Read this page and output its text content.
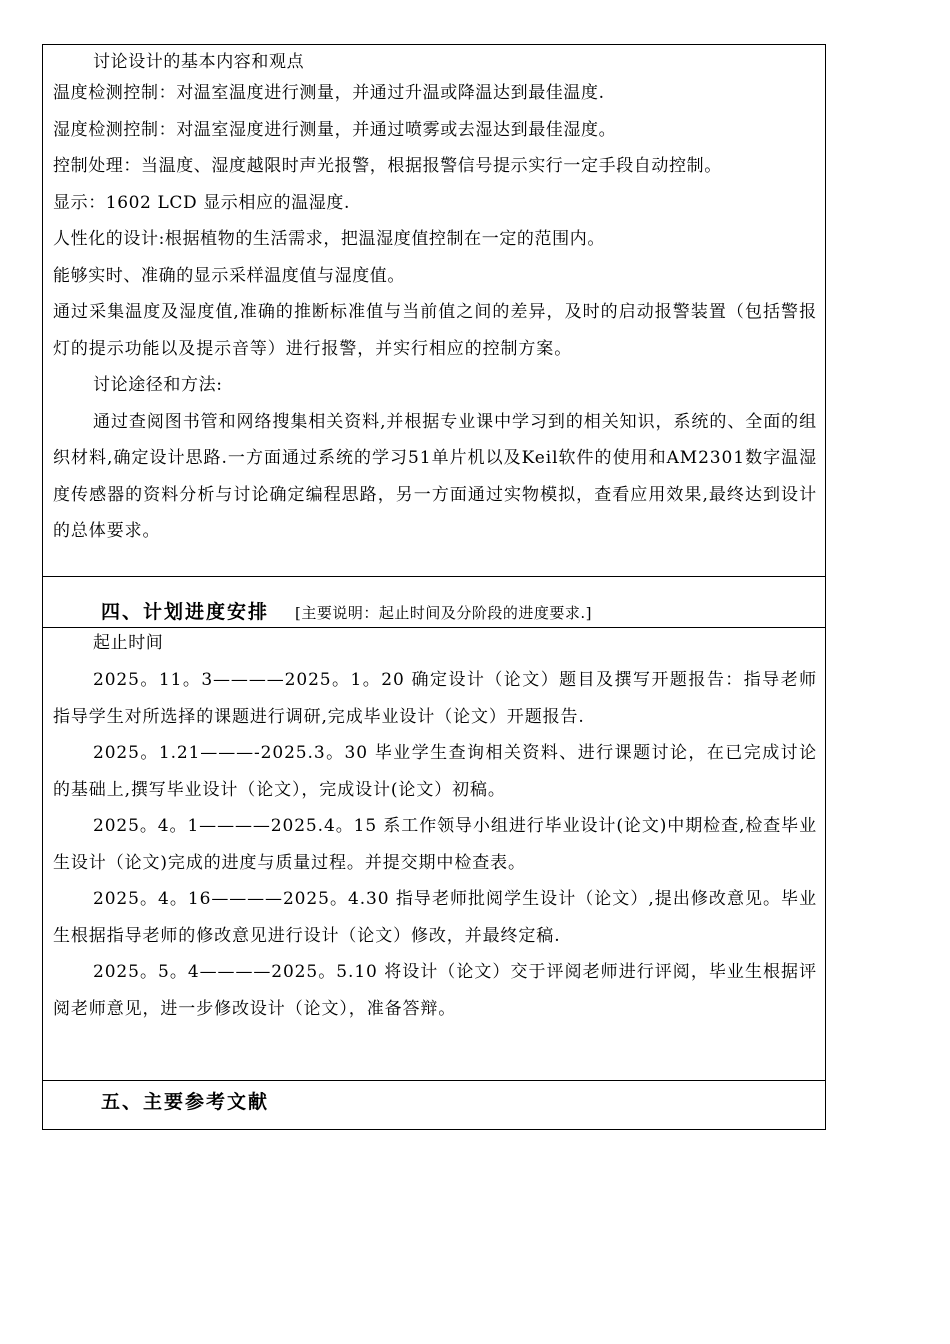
讨论设计的基本内容和观点

温度检测控制：对温室温度进行测量，并通过升温或降温达到最佳温度.

湿度检测控制：对温室湿度进行测量，并通过喷雾或去湿达到最佳湿度。

控制处理：当温度、湿度越限时声光报警，根据报警信号提示实行一定手段自动控制。

显示：1602 LCD 显示相应的温湿度.

人性化的设计:根据植物的生活需求，把温湿度值控制在一定的范围内。

能够实时、准确的显示采样温度值与湿度值。

通过采集温度及湿度值,准确的推断标准值与当前值之间的差异，及时的启动报警装置（包括警报灯的提示功能以及提示音等）进行报警，并实行相应的控制方案。

讨论途径和方法:

通过查阅图书管和网络搜集相关资料,并根据专业课中学习到的相关知识，系统的、全面的组织材料,确定设计思路.一方面通过系统的学习51单片机以及Keil软件的使用和AM2301数字温湿度传感器的资料分析与讨论确定编程思路，另一方面通过实物模拟，查看应用效果,最终达到设计的总体要求。

四、计划进度安排 [主要说明：起止时间及分阶段的进度要求.]

起止时间

2025。11。3————2025。1。20 确定设计（论文）题目及撰写开题报告：指导老师指导学生对所选择的课题进行调研,完成毕业设计（论文）开题报告.

2025。1.21———-2025.3。30 毕业学生查询相关资料、进行课题讨论，在已完成讨论的基础上,撰写毕业设计（论文），完成设计(论文）初稿。

2025。4。1————2025.4。15 系工作领导小组进行毕业设计(论文)中期检查,检查毕业生设计（论文)完成的进度与质量过程。并提交期中检查表。

2025。4。16————2025。4.30 指导老师批阅学生设计（论文）,提出修改意见。毕业生根据指导老师的修改意见进行设计（论文）修改，并最终定稿.

2025。5。4————2025。5.10 将设计（论文）交于评阅老师进行评阅，毕业生根据评阅老师意见，进一步修改设计（论文），准备答辩。

五、主要参考文献
